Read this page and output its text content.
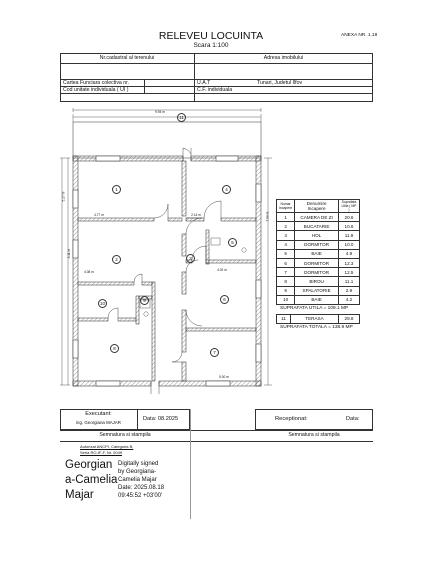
RELEVEU LOCUINTA
Scara 1:100
ANEXA NR. 1.18
Nr.cadastral al terenului	Adresa imobilului
Cartea Funciara colectiva nr.	U.A.T	Tunari, Judetul Ilfov
Cod unitate individuala ( UI )	C.F. individuala
9.94 m
4.77 m	2.14 m
4.08 m	4.02 m
5.00 m
5.17 m
3.11 m
7.99 m
11
1	4
5
2	3
6
10
9
8
7
Numar Incapere	Denumire Incapere	Suprafata Utila ( MP )
1	CAMERA DE ZI	20.6
2	BUCATARIE	10.6
3	HOL	11.9
4	DORMITOR	10.0
5	BAIE	4.9
6	DORMITOR	12.3
7	DORMITOR	12.5
8	BIROU	11.1
9	SPALATORIE	2.9
10	BAIE	4.2
SUPRAFATA UTILA = 109.1 MP
11	TERASA	29.8
SUPRAFATA TOTALA = 138.9 MP
Executant:
ing. Georgiana MAJAR
Data: 08.2025	Receptionat:	Data:
Semnatura si stampila	Semnatura si stampila
Autorizat ANCPI, Categoria B,
Seria RO-IF-F, Nr. 0049
Georgian
a-Camelia
Majar
Digitally signed
by Georgiana-
Camelia Majar
Date: 2025.08.18
09:45:52 +03'00'
